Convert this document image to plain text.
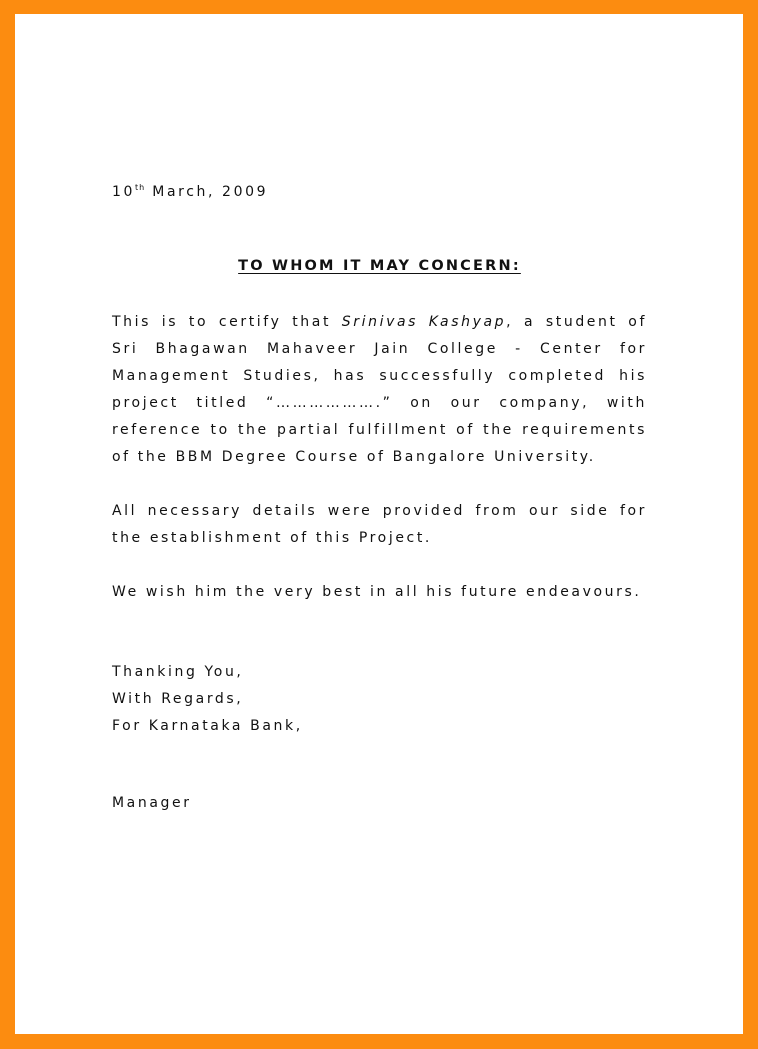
10th March, 2009
TO WHOM IT MAY CONCERN:

This is to certify that Srinivas Kashyap, a student of Sri Bhagawan Mahaveer Jain College - Center for Management Studies, has successfully completed his project titled “……………….” on our company, with reference to the partial fulfillment of the requirements of the BBM Degree Course of Bangalore University.

All necessary details were provided from our side for the establishment of this Project.

We wish him the very best in all his future endeavours.

Thanking You,
With Regards,
For Karnataka Bank,
Manager
